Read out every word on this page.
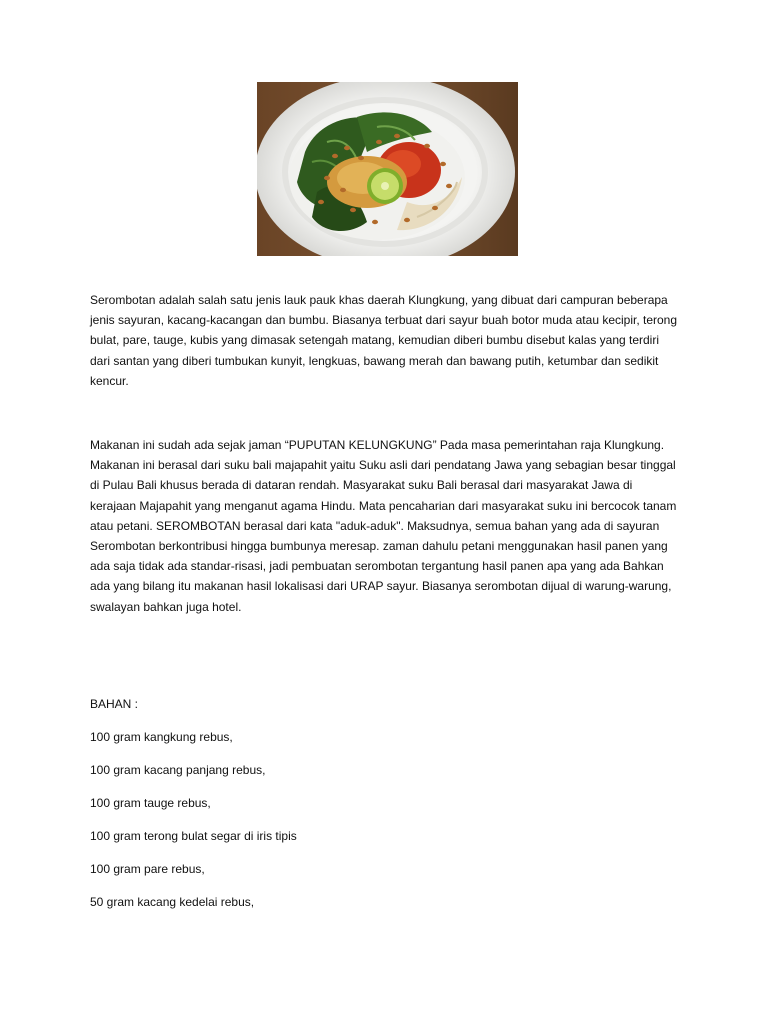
Serombotan adalah salah satu jenis lauk pauk khas daerah Klungkung, yang dibuat dari campuran beberapa jenis sayuran, kacang-kacangan dan bumbu. Biasanya terbuat dari sayur buah botor muda atau kecipir, terong bulat, pare, tauge, kubis yang dimasak setengah matang, kemudian diberi bumbu disebut kalas yang terdiri dari santan yang diberi tumbukan kunyit, lengkuas, bawang merah dan bawang putih, ketumbar dan sedikit kencur.

Makanan ini sudah ada sejak jaman “PUPUTAN KELUNGKUNG” Pada masa pemerintahan raja Klungkung. Makanan ini berasal dari suku bali majapahit yaitu Suku asli dari pendatang Jawa yang sebagian besar tinggal di Pulau Bali khusus berada di dataran rendah. Masyarakat suku Bali berasal dari masyarakat Jawa di kerajaan Majapahit yang menganut agama Hindu. Mata pencaharian dari masyarakat suku ini bercocok tanam atau petani. SEROMBOTAN berasal dari kata "aduk-aduk". Maksudnya, semua bahan yang ada di sayuran Serombotan berkontribusi hingga bumbunya meresap. zaman dahulu petani menggunakan hasil panen yang ada saja tidak ada standar-risasi, jadi pembuatan serombotan tergantung hasil panen apa yang ada Bahkan ada yang bilang itu makanan hasil lokalisasi dari URAP sayur. Biasanya serombotan dijual di warung-warung, swalayan bahkan juga hotel.

BAHAN :

100 gram kangkung rebus,
100 gram kacang panjang rebus,
100 gram tauge rebus,
100 gram terong bulat segar di iris tipis
100 gram pare rebus,
50 gram kacang kedelai rebus,
